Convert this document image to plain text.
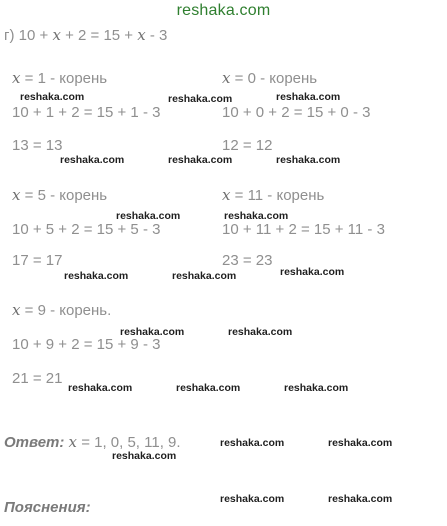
reshaka.com
г) 10 + x + 2 = 15 + x - 3
x = 1 - корень
10 + 1 + 2 = 15 + 1 - 3
13 = 13
x = 0 - корень
10 + 0 + 2 = 15 + 0 - 3
12 = 12
x = 5 - корень
10 + 5 + 2 = 15 + 5 - 3
17 = 17
x = 11 - корень
10 + 11 + 2 = 15 + 11 - 3
23 = 23
x = 9 - корень.
10 + 9 + 2 = 15 + 9 - 3
21 = 21
Ответ: x = 1, 0, 5, 11, 9.
Пояснения:
reshaka.com	reshaka.com	reshaka.com
reshaka.com	reshaka.com	reshaka.com
reshaka.com	reshaka.com
reshaka.com	reshaka.com	reshaka.com
reshaka.com	reshaka.com
reshaka.com	reshaka.com	reshaka.com
reshaka.com	reshaka.com
reshaka.com
reshaka.com	reshaka.com
